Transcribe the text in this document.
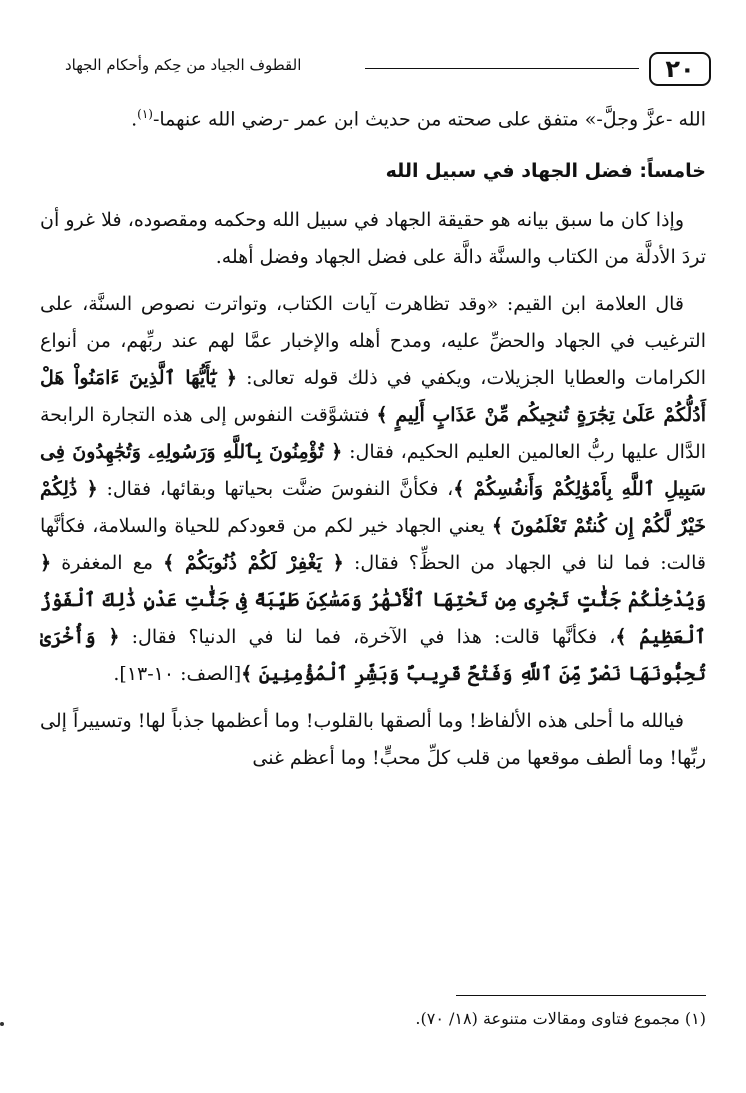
٢٠
القطوف الجياد من حِكم وأحكام الجهاد

الله -عزَّ وجلَّ-» متفق على صحته من حديث ابن عمر -رضي الله عنهما-$^{(١)}$.

خامساً: فضل الجهاد في سبيل الله

وإذا كان ما سبق بيانه هو حقيقة الجهاد في سبيل الله وحكمه ومقصوده، فلا غرو أن تردَ الأدلَّة من الكتاب والسنَّة دالَّة على فضل الجهاد وفضل أهله.

قال العلامة ابن القيم: «وقد تظاهرت آيات الكتاب، وتواترت نصوص السنَّة، على الترغيب في الجهاد والحضِّ عليه، ومدح أهله والإخبار عمَّا لهم عند ربِّهم، من أنواع الكرامات والعطايا الجزيلات، ويكفي في ذلك قوله تعالى: ﴿ يَٰٓأَيُّهَا ٱلَّذِينَ ءَامَنُواْ هَلْ أَدُلُّكُمْ عَلَىٰ تِجَٰرَةٍ تُنجِيكُم مِّنْ عَذَابٍ أَلِيمٍ ﴾ فتشوَّقت النفوس إلى هذه التجارة الرابحة الدَّال عليها ربُّ العالمين العليم الحكيم، فقال: ﴿ تُؤْمِنُونَ بِٱللَّهِ وَرَسُولِهِۦ وَتُجَٰهِدُونَ فِى سَبِيلِ ٱللَّهِ بِأَمْوَٰلِكُمْ وَأَنفُسِكُمْ ﴾، فكأنَّ النفوسَ ضنَّت بحياتها وبقائها، فقال: ﴿ ذَٰلِكُمْ خَيْرٌ لَّكُمْ إِن كُنتُمْ تَعْلَمُونَ ﴾ يعني الجهاد خير لكم من قعودكم للحياة والسلامة، فكأنَّها قالت: فما لنا في الجهاد من الحظِّ؟ فقال: ﴿ يَغْفِرْ لَكُمْ ذُنُوبَكُمْ ﴾ مع المغفرة ﴿ وَيُدْخِلْكُمْ جَنَّٰتٍ تَجْرِى مِن تَحْتِهَا ٱلْأَنْهَٰرُ وَمَسَٰكِنَ طَيِّبَةً فِى جَنَّٰتِ عَدْنٍ ذَٰلِكَ ٱلْفَوْزُ ٱلْعَظِيمُ ﴾، فكأنَّها قالت: هذا في الآخرة، فما لنا في الدنيا؟ فقال: ﴿ وَأُخْرَىٰ تُحِبُّونَهَا نَصْرٌ مِّنَ ٱللَّهِ وَفَتْحٌ قَرِيبٌ وَبَشِّرِ ٱلْمُؤْمِنِينَ ﴾[الصف: ١٠-١٣].

فيالله ما أحلى هذه الألفاظ! وما ألصقها بالقلوب! وما أعظمها جذباً لها! وتسييراً إلى ربِّها! وما ألطف موقعها من قلب كلِّ محبٍّ! وما أعظم غنى

(١) مجموع فتاوى ومقالات متنوعة (١٨/ ٧٠).
